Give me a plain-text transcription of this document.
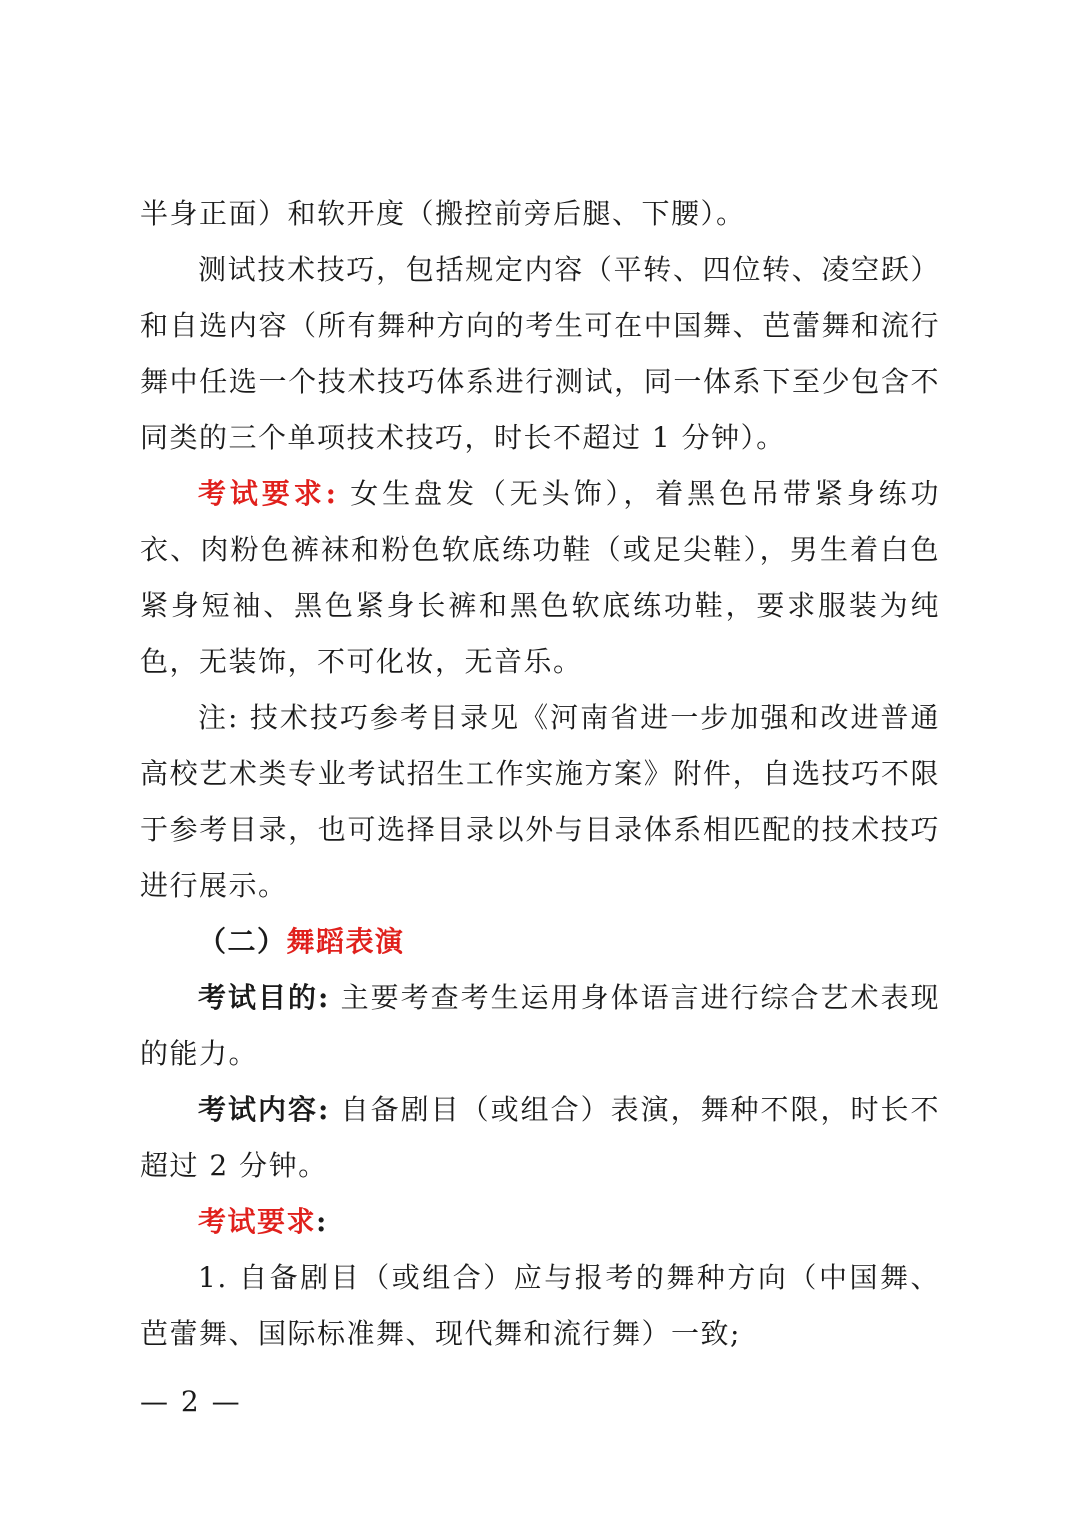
半身正面）和软开度（搬控前旁后腿、下腰）。

测试技术技巧，包括规定内容（平转、四位转、凌空跃）和自选内容（所有舞种方向的考生可在中国舞、芭蕾舞和流行舞中任选一个技术技巧体系进行测试，同一体系下至少包含不同类的三个单项技术技巧，时长不超过 1 分钟）。

考试要求: 女生盘发（无头饰），着黑色吊带紧身练功衣、肉粉色裤袜和粉色软底练功鞋（或足尖鞋），男生着白色紧身短袖、黑色紧身长裤和黑色软底练功鞋，要求服装为纯色，无装饰，不可化妆，无音乐。

注: 技术技巧参考目录见《河南省进一步加强和改进普通高校艺术类专业考试招生工作实施方案》附件，自选技巧不限于参考目录，也可选择目录以外与目录体系相匹配的技术技巧进行展示。

（二）舞蹈表演

考试目的: 主要考查考生运用身体语言进行综合艺术表现的能力。

考试内容: 自备剧目（或组合）表演，舞种不限，时长不超过 2 分钟。

考试要求:

1. 自备剧目（或组合）应与报考的舞种方向（中国舞、芭蕾舞、国际标准舞、现代舞和流行舞）一致;

— 2 —
